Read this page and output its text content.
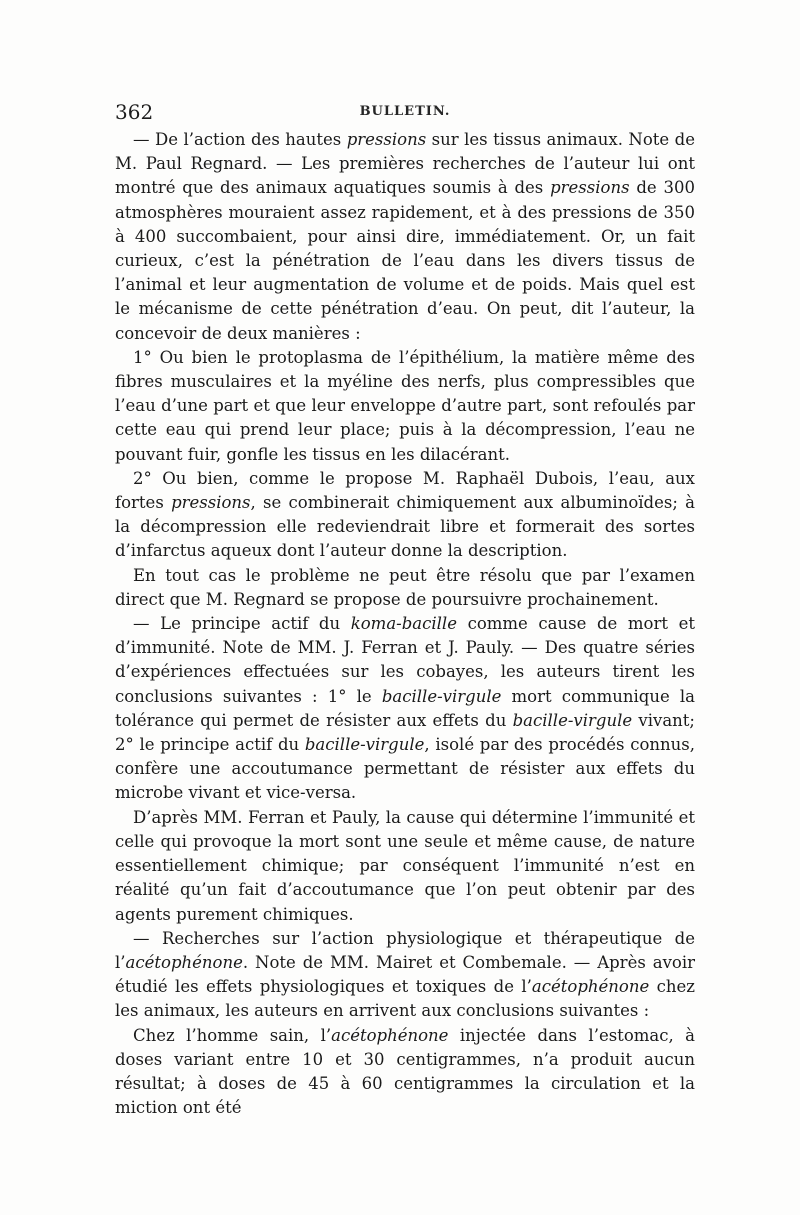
362	BULLETIN.

— De l’action des hautes pressions sur les tissus animaux. Note de M. Paul Regnard. — Les premières recherches de l’auteur lui ont montré que des animaux aquatiques soumis à des pressions de 300 atmosphères mouraient assez rapidement, et à des pressions de 350 à 400 succombaient, pour ainsi dire, immédiatement. Or, un fait curieux, c’est la pénétration de l’eau dans les divers tissus de l’animal et leur augmentation de volume et de poids. Mais quel est le mécanisme de cette pénétration d’eau. On peut, dit l’auteur, la concevoir de deux manières :

1° Ou bien le protoplasma de l’épithélium, la matière même des fibres musculaires et la myéline des nerfs, plus compressibles que l’eau d’une part et que leur enveloppe d’autre part, sont refoulés par cette eau qui prend leur place; puis à la décompression, l’eau ne pouvant fuir, gonfle les tissus en les dilacérant.

2° Ou bien, comme le propose M. Raphaël Dubois, l’eau, aux fortes pressions, se combinerait chimiquement aux albuminoïdes; à la décompression elle redeviendrait libre et formerait des sortes d’infarctus aqueux dont l’auteur donne la description.

En tout cas le problème ne peut être résolu que par l’examen direct que M. Regnard se propose de poursuivre prochainement.

— Le principe actif du koma-bacille comme cause de mort et d’immunité. Note de MM. J. Ferran et J. Pauly. — Des quatre séries d’expériences effectuées sur les cobayes, les auteurs tirent les conclusions suivantes : 1° le bacille-virgule mort communique la tolérance qui permet de résister aux effets du bacille-virgule vivant; 2° le principe actif du bacille-virgule, isolé par des procédés connus, confère une accoutumance permettant de résister aux effets du microbe vivant et vice-versa.

D’après MM. Ferran et Pauly, la cause qui détermine l’immunité et celle qui provoque la mort sont une seule et même cause, de nature essentiellement chimique; par conséquent l’immunité n’est en réalité qu’un fait d’accoutumance que l’on peut obtenir par des agents purement chimiques.

— Recherches sur l’action physiologique et thérapeutique de l’acétophénone. Note de MM. Mairet et Combemale. — Après avoir étudié les effets physiologiques et toxiques de l’acétophénone chez les animaux, les auteurs en arrivent aux conclusions suivantes :

Chez l’homme sain, l’acétophénone injectée dans l’estomac, à doses variant entre 10 et 30 centigrammes, n’a produit aucun résultat; à doses de 45 à 60 centigrammes la circulation et la miction ont été
